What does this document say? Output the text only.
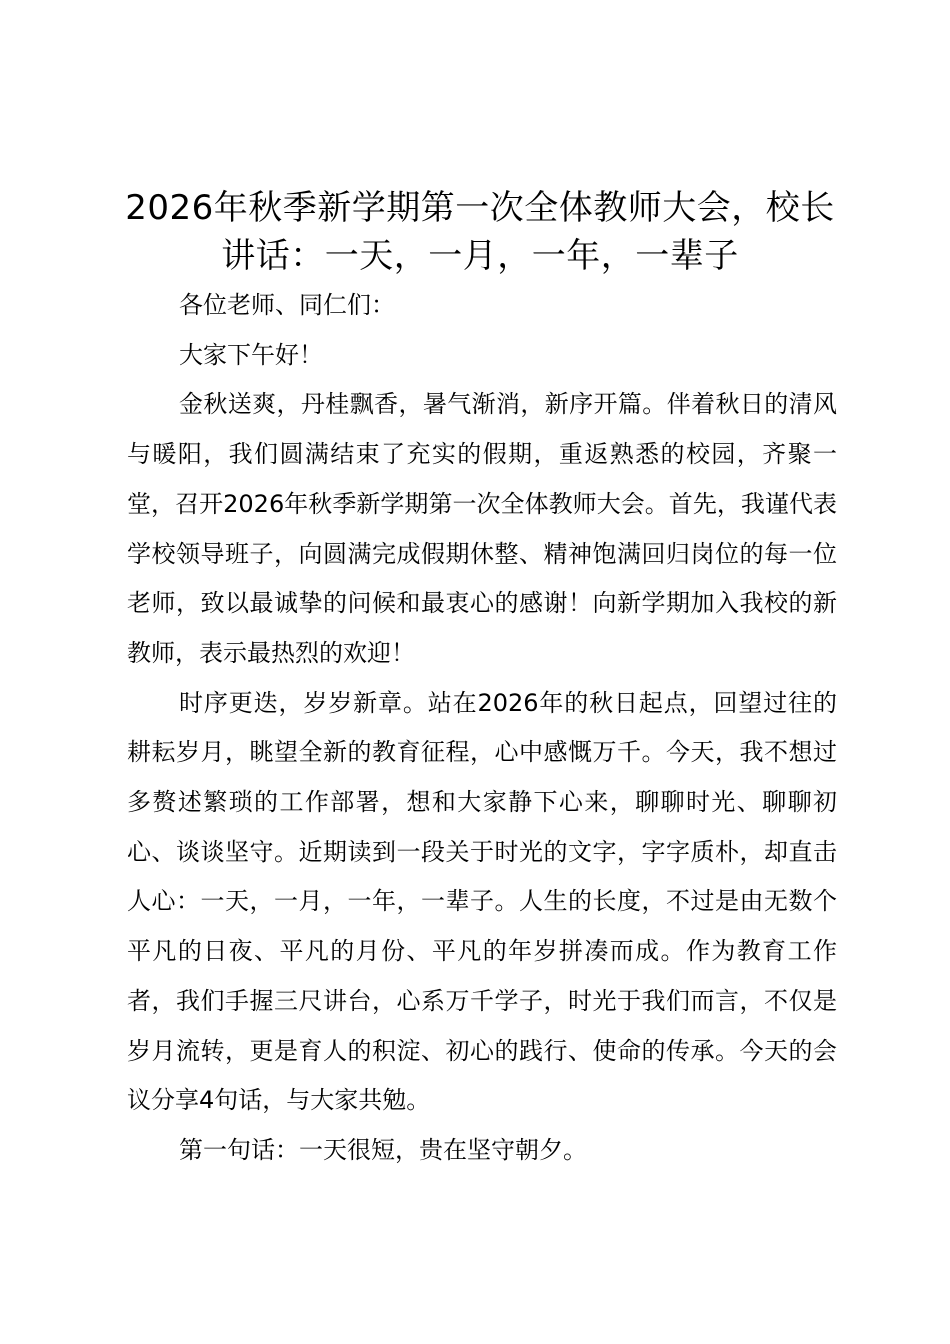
2026年秋季新学期第一次全体教师大会，校长讲话：一天，一月，一年，一辈子

各位老师、同仁们：

大家下午好！

金秋送爽，丹桂飘香，暑气渐消，新序开篇。伴着秋日的清风与暖阳，我们圆满结束了充实的假期，重返熟悉的校园，齐聚一堂，召开2026年秋季新学期第一次全体教师大会。首先，我谨代表学校领导班子，向圆满完成假期休整、精神饱满回归岗位的每一位老师，致以最诚挚的问候和最衷心的感谢！向新学期加入我校的新教师，表示最热烈的欢迎！

时序更迭，岁岁新章。站在2026年的秋日起点，回望过往的耕耘岁月，眺望全新的教育征程，心中感慨万千。今天，我不想过多赘述繁琐的工作部署，想和大家静下心来，聊聊时光、聊聊初心、谈谈坚守。近期读到一段关于时光的文字，字字质朴，却直击人心：一天，一月，一年，一辈子。人生的长度，不过是由无数个平凡的日夜、平凡的月份、平凡的年岁拼凑而成。作为教育工作者，我们手握三尺讲台，心系万千学子，时光于我们而言，不仅是岁月流转，更是育人的积淀、初心的践行、使命的传承。今天的会议分享4句话，与大家共勉。

第一句话：一天很短，贵在坚守朝夕。
